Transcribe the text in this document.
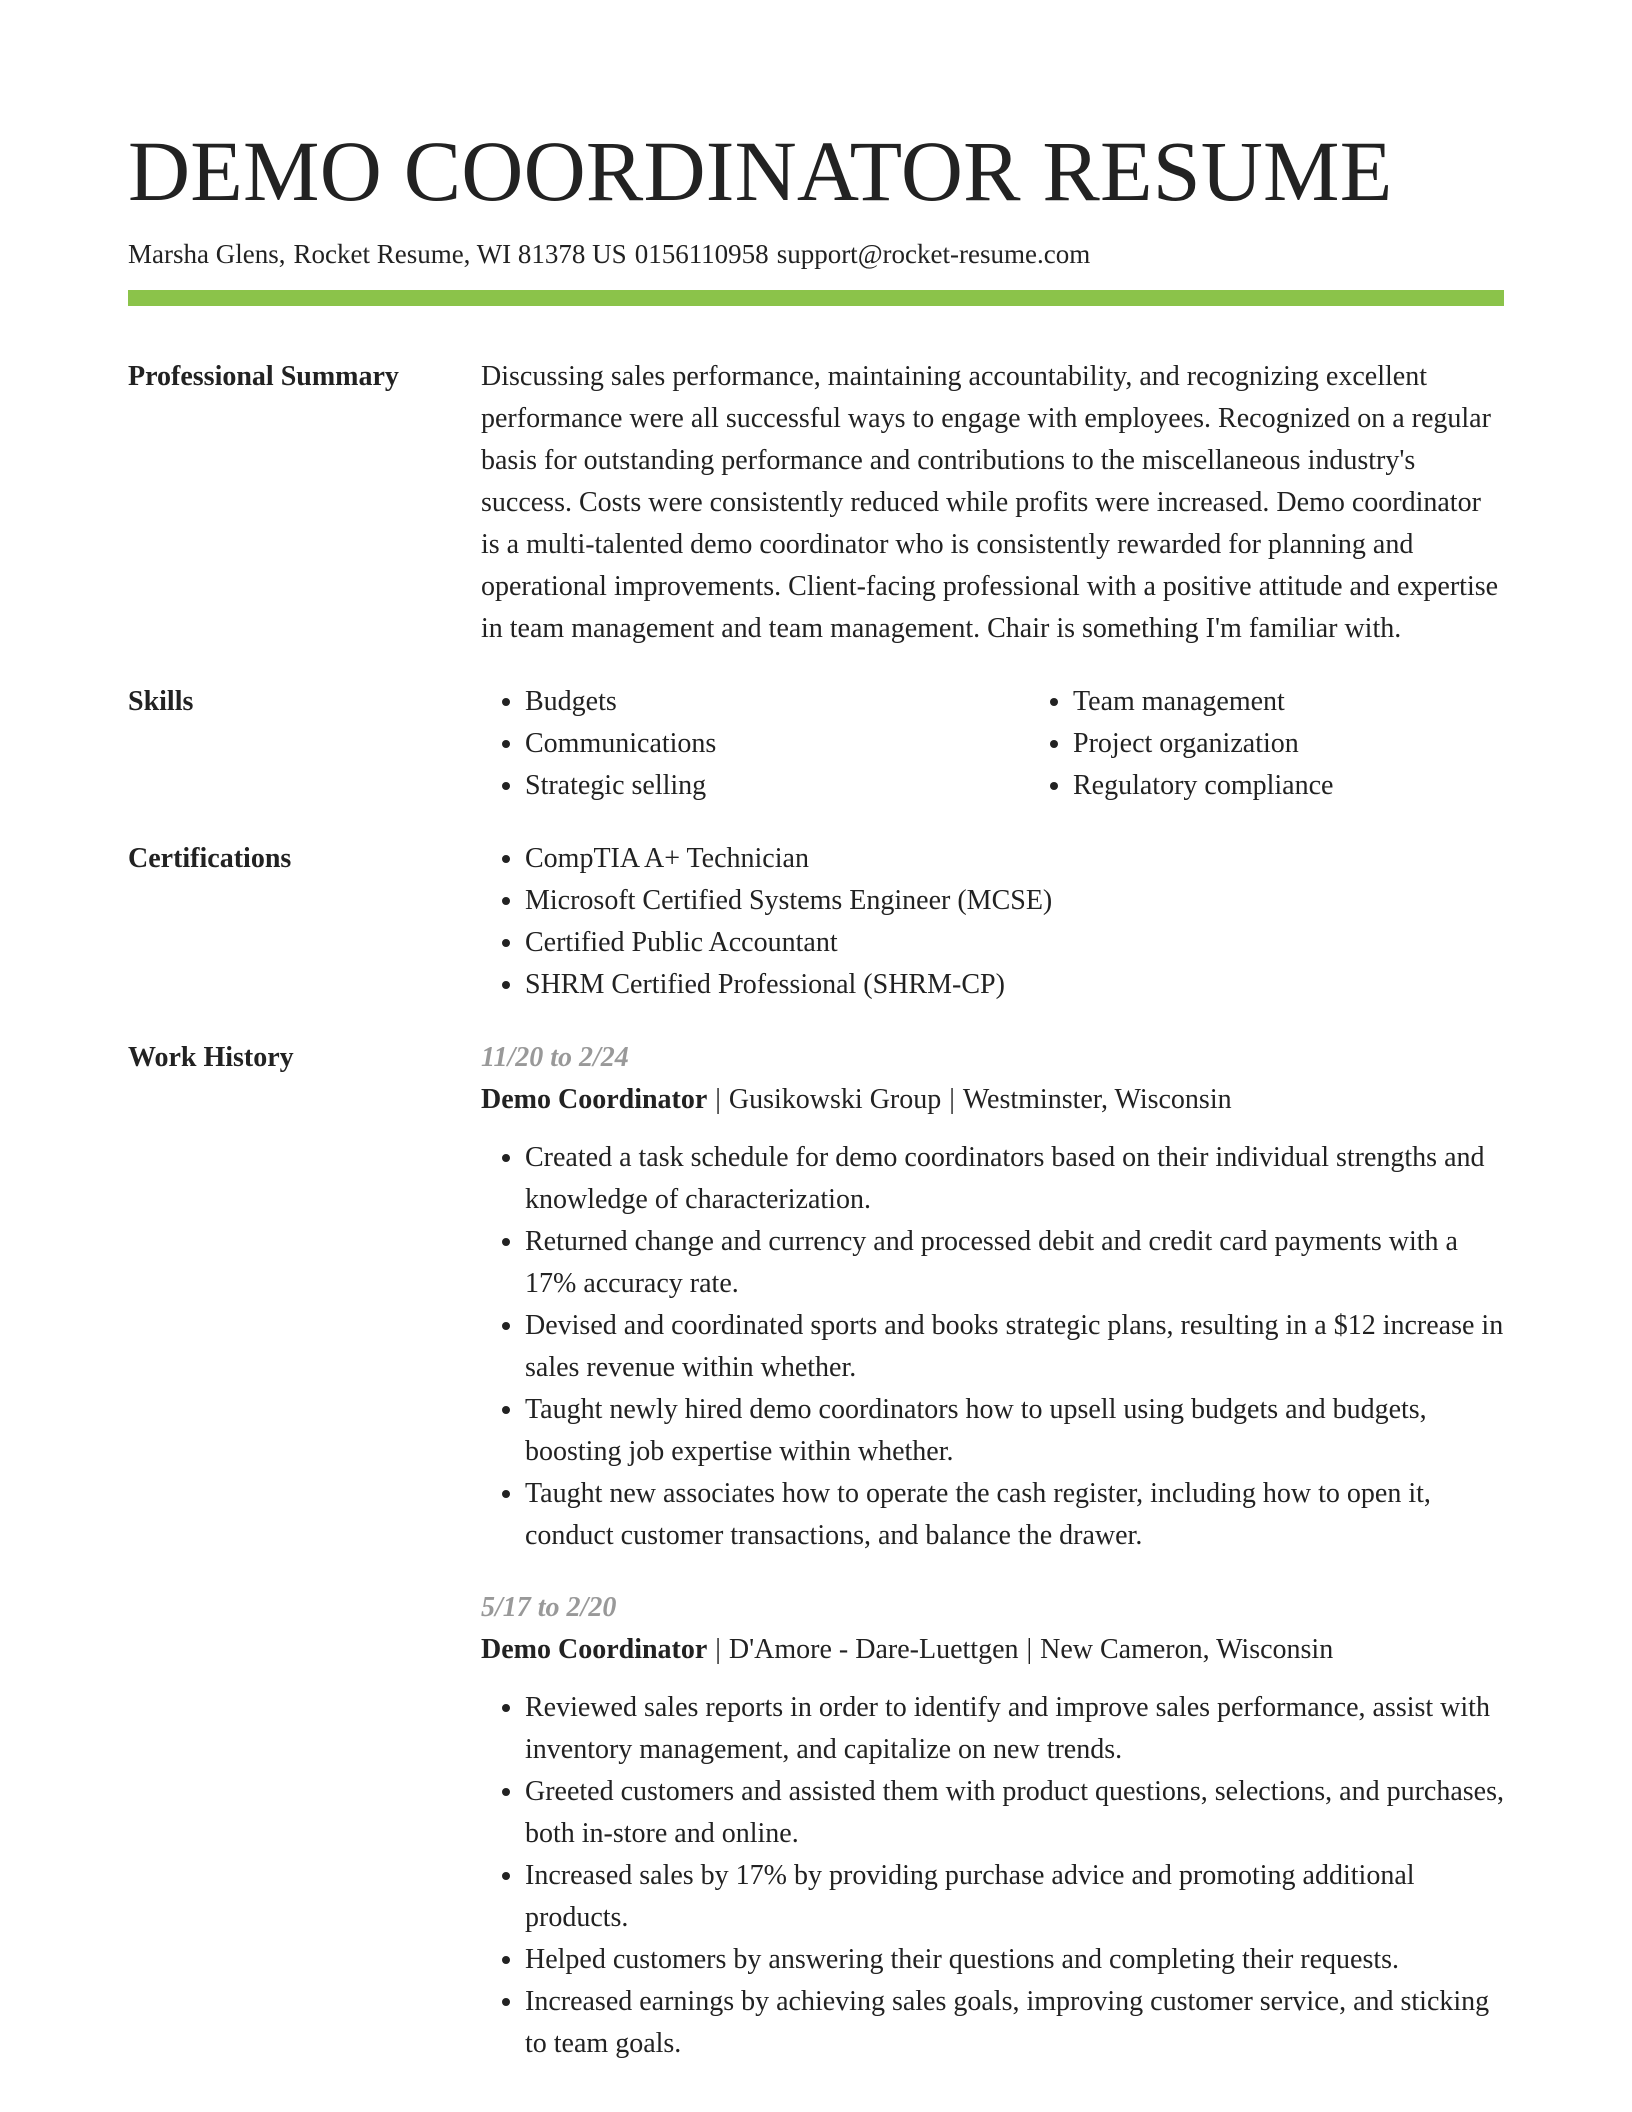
DEMO COORDINATOR RESUME
Marsha Glens, Rocket Resume, WI 81378 US 0156110958 support@rocket-resume.com
Professional Summary	Discussing sales performance, maintaining accountability, and recognizing excellent performance were all successful ways to engage with employees. Recognized on a regular basis for outstanding performance and contributions to the miscellaneous industry's success. Costs were consistently reduced while profits were increased. Demo coordinator is a multi-talented demo coordinator who is consistently rewarded for planning and operational improvements. Client-facing professional with a positive attitude and expertise in team management and team management. Chair is something I'm familiar with.

Skills	• Budgets
• Communications
• Strategic selling
• Team management
• Project organization
• Regulatory compliance
Certifications	• CompTIA A+ Technician
• Microsoft Certified Systems Engineer (MCSE)
• Certified Public Accountant
• SHRM Certified Professional (SHRM-CP)
Work History	11/20 to 2/24
Demo Coordinator | Gusikowski Group | Westminster, Wisconsin
• Created a task schedule for demo coordinators based on their individual strengths and knowledge of characterization.
• Returned change and currency and processed debit and credit card payments with a 17% accuracy rate.
• Devised and coordinated sports and books strategic plans, resulting in a $12 increase in sales revenue within whether.
• Taught newly hired demo coordinators how to upsell using budgets and budgets, boosting job expertise within whether.
• Taught new associates how to operate the cash register, including how to open it, conduct customer transactions, and balance the drawer.
5/17 to 2/20
Demo Coordinator | D'Amore - Dare-Luettgen | New Cameron, Wisconsin
• Reviewed sales reports in order to identify and improve sales performance, assist with inventory management, and capitalize on new trends.
• Greeted customers and assisted them with product questions, selections, and purchases, both in-store and online.
• Increased sales by 17% by providing purchase advice and promoting additional products.
• Helped customers by answering their questions and completing their requests.
• Increased earnings by achieving sales goals, improving customer service, and sticking to team goals.
